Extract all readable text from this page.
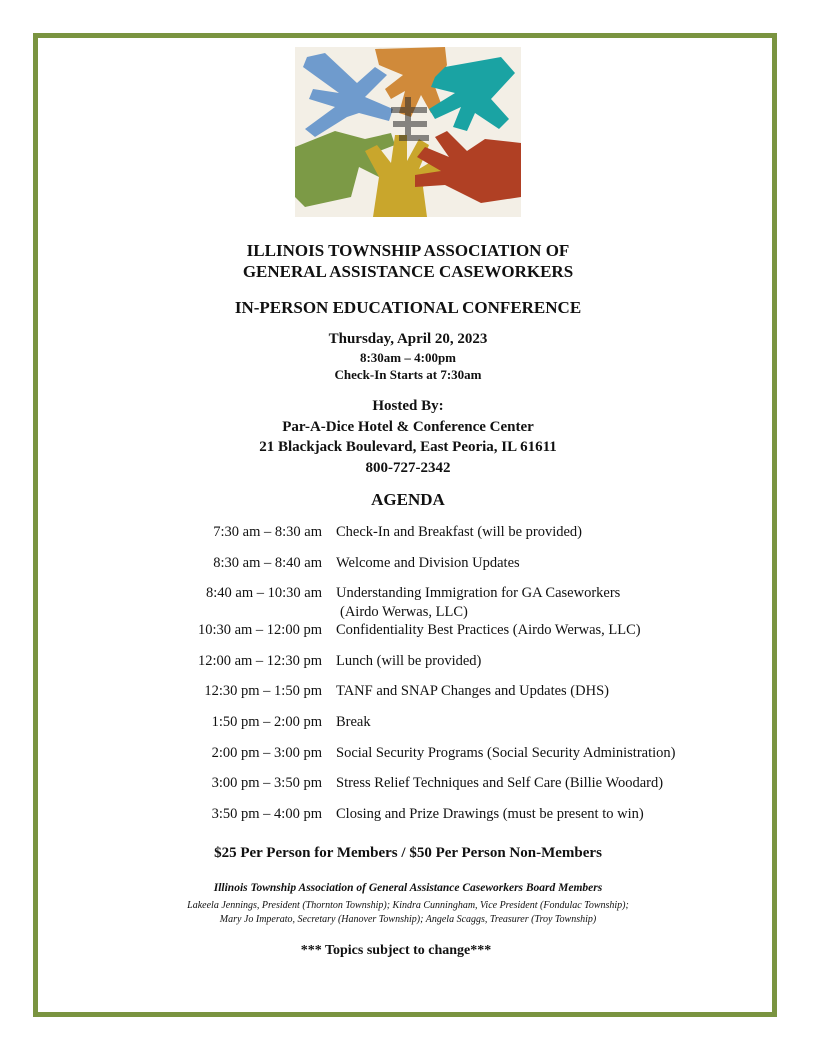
ILLINOIS TOWNSHIP ASSOCIATION OF
GENERAL ASSISTANCE CASEWORKERS
IN-PERSON EDUCATIONAL CONFERENCE
Thursday, April 20, 2023
8:30am – 4:00pm
Check-In Starts at 7:30am
Hosted By:
Par-A-Dice Hotel & Conference Center
21 Blackjack Boulevard, East Peoria, IL 61611
800-727-2342
AGENDA
7:30 am – 8:30 am Check-In and Breakfast (will be provided)
8:30 am – 8:40 am Welcome and Division Updates
8:40 am – 10:30 am Understanding Immigration for GA Caseworkers
(Airdo Werwas, LLC)
10:30 am – 12:00 pm Confidentiality Best Practices (Airdo Werwas, LLC)
12:00 am – 12:30 pm Lunch (will be provided)
12:30 pm – 1:50 pm TANF and SNAP Changes and Updates (DHS)
1:50 pm – 2:00 pm Break
2:00 pm – 3:00 pm Social Security Programs (Social Security Administration)
3:00 pm – 3:50 pm Stress Relief Techniques and Self Care (Billie Woodard)
3:50 pm – 4:00 pm Closing and Prize Drawings (must be present to win)
$25 Per Person for Members / $50 Per Person Non-Members
Illinois Township Association of General Assistance Caseworkers Board Members
Lakeela Jennings, President (Thornton Township); Kindra Cunningham, Vice President (Fondulac Township);
Mary Jo Imperato, Secretary (Hanover Township); Angela Scaggs, Treasurer (Troy Township)
*** Topics subject to change***
